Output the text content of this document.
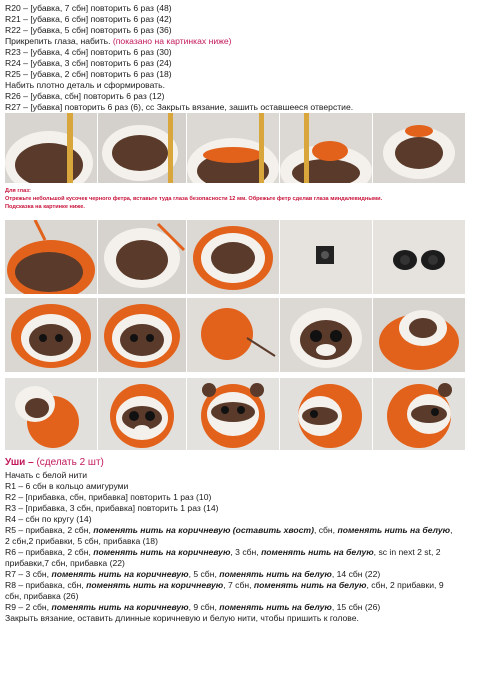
R20 – [убавка, 7 сбн] повторить 6 раз (48)
R21 – [убавка, 6 сбн] повторить 6 раз (42)
R22 – [убавка, 5 сбн] повторить 6 раз (36)
Прикрепить глаза, набить. (показано на картинках ниже)
R23 – [убавка, 4 сбн] повторить 6 раз (30)
R24 – [убавка, 3 сбн] повторить 6 раз (24)
R25 – [убавка, 2 сбн] повторить 6 раз (18)
Набить плотно деталь и сформировать.
R26 – [убавка, сбн] повторить 6 раз (12)
R27 – [убавка] повторить 6 раз (6), сс Закрыть вязание, зашить оставшееся отверстие.
Для глаз:
Отрежьте небольшой кусочек черного фетра, вставьте туда глаза безопасности 12 мм. Обрежьте фетр сделав глаза миндалевидными.
Подсказка на картинке ниже.
Уши – (сделать 2 шт)
Начать с белой нити
R1 – 6 сбн в кольцо амигуруми
R2 – [прибавка, сбн, прибавка] повторить 1 раз (10)
R3 – [прибавка, 3 сбн, прибавка] повторить 1 раз (14)
R4 – сбн по кругу (14)
R5 – прибавка, 2 сбн, поменять нить на коричневую (оставить хвост), сбн, поменять нить на белую,
2 сбн,2 прибавки, 5 сбн, прибавка (18)
R6 – прибавка, 2 сбн, поменять нить на коричневую, 3 сбн, поменять нить на белую, sc in next 2 st, 2
прибавки,7 сбн, прибавка (22)
R7 – 3 сбн, поменять нить на коричневую, 5 сбн, поменять нить на белую, 14 сбн (22)
R8 – прибавка, сбн, поменять нить на коричневую, 7 сбн, поменять нить на белую, сбн, 2 прибавки, 9
сбн, прибавка (26)
R9 – 2 сбн, поменять нить на коричневую, 9 сбн, поменять нить на белую, 15 сбн (26)
Закрыть вязание, оставить длинные коричневую и белую нити, чтобы пришить к голове.
